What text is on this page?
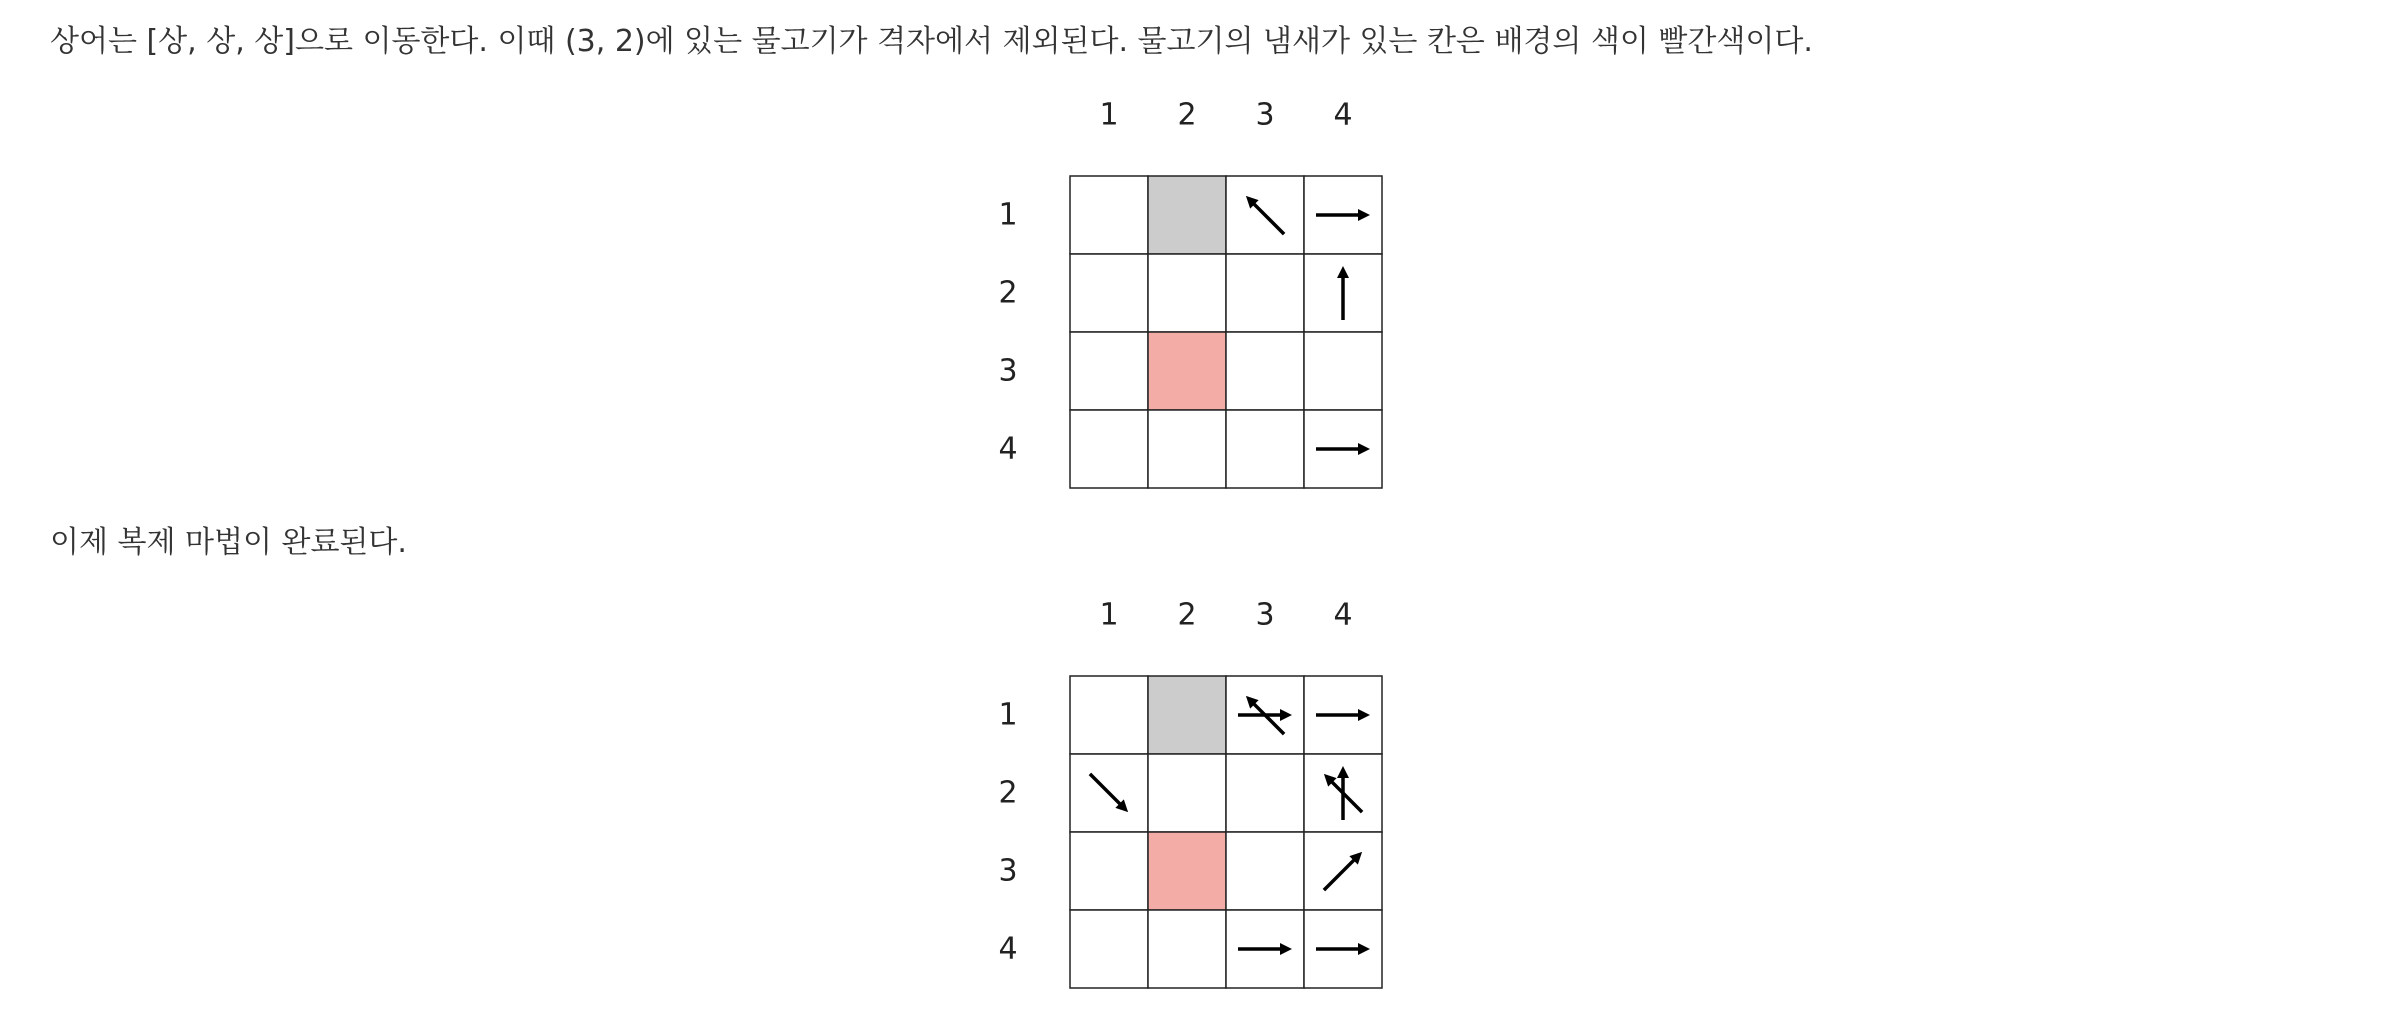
상어는 [상, 상, 상]으로 이동한다. 이때 (3, 2)에 있는 물고기가 격자에서 제외된다. 물고기의 냄새가 있는 칸은 배경의 색이 빨간색이다.

1 2 3 4
1
2
3
4

이제 복제 마법이 완료된다.

1 2 3 4
1
2
3
4
